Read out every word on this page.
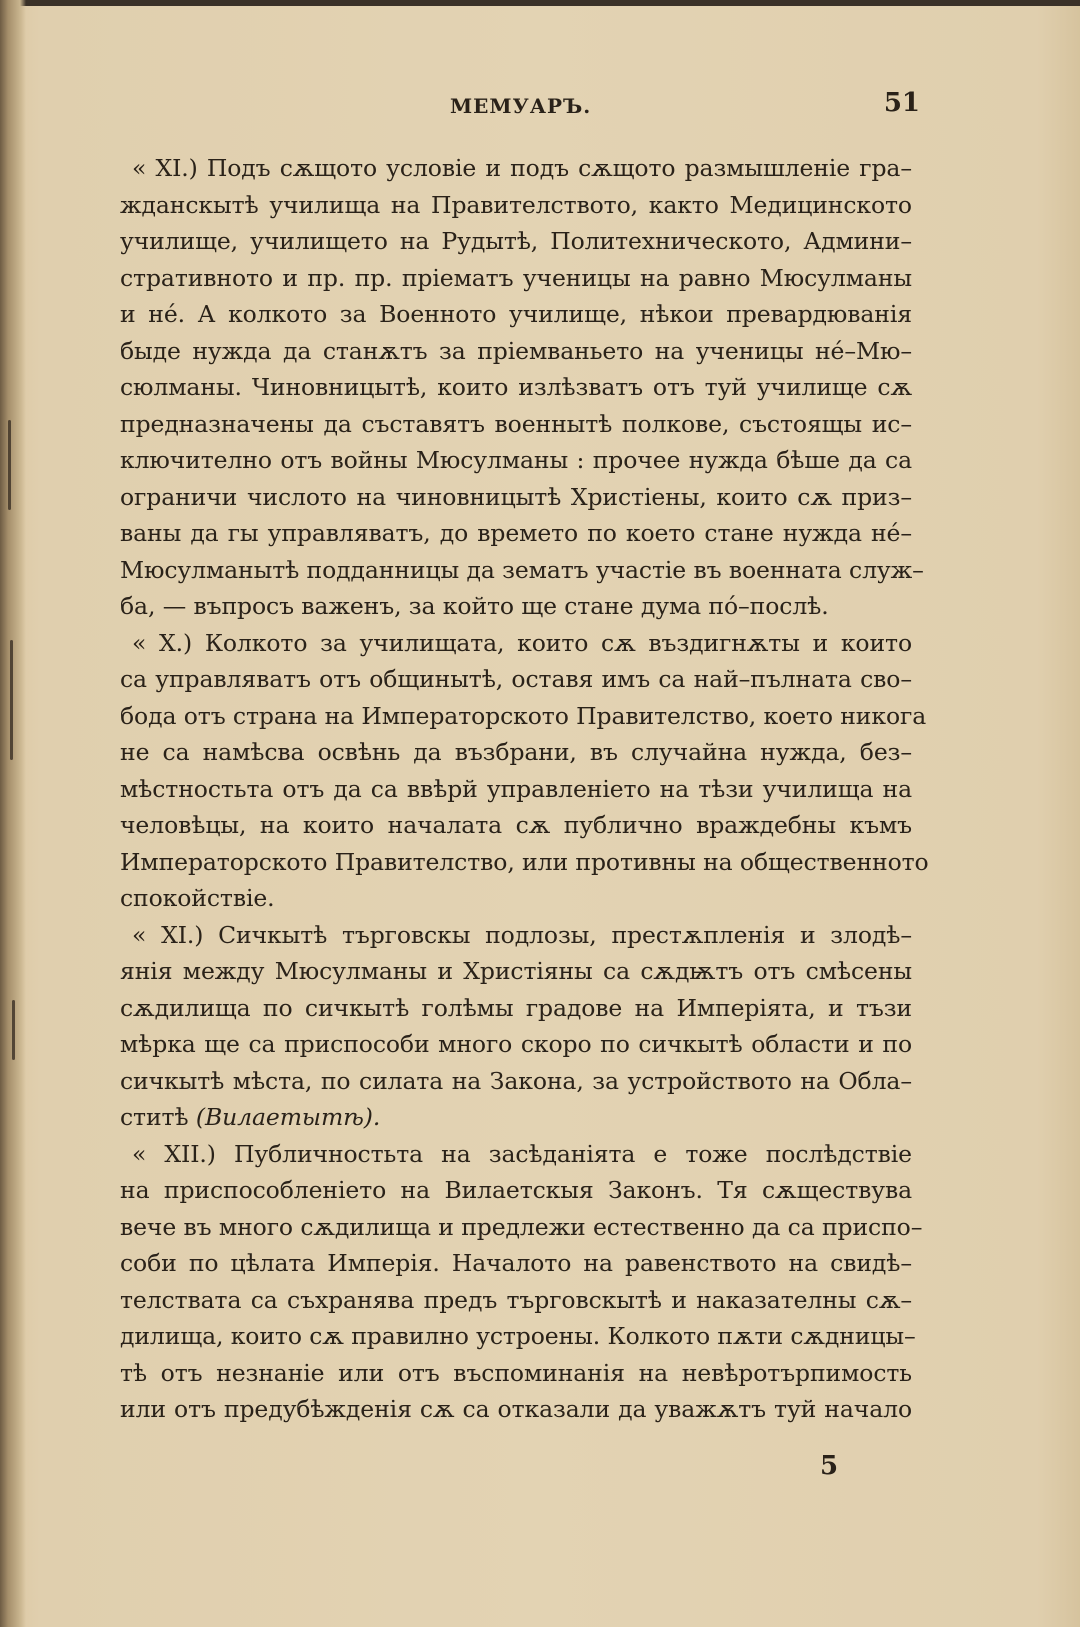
МЕМУАРЪ.	51
« XI.) Подъ сѫщото условіе и подъ сѫщото размышленіе гра–
жданскытѣ училища на Правителството, както Медицинското
училище, училището на Рудытѣ, Политехническото, Админи–
стративното и пр. пр. пріематъ ученицы на равно Мюсулманы
и не́. А колкото за Военното училище, нѣкои превардюванія
быде нужда да станѫтъ за пріемваньето на ученицы не́–Мю–
сюлманы. Чиновницытѣ, които излѣзватъ отъ туй училище сѫ
предназначены да съставятъ военнытѣ полкове, състоящы ис–
ключително отъ войны Мюсулманы : прочее нужда бѣше да са
ограничи числото на чиновницытѣ Христіены, които сѫ приз–
ваны да гы управляватъ, до времето по което стане нужда не́–
Мюсулманытѣ подданницы да зематъ участіе въ военната служ–
ба, — въпросъ важенъ, за който ще стане дума по́–послѣ.
« X.) Колкото за училищата, които сѫ въздигнѫты и които
са управляватъ отъ общинытѣ, оставя имъ са най–пълната сво–
бода отъ страна на Императорското Правителство, което никога
не са намѣсва освѣнь да възбрани, въ случайна нужда, без–
мѣстностьта отъ да са ввѣрй управленіето на тѣзи училища на
человѣцы, на които началата сѫ публично враждебны къмъ
Императорското Правителство, или противны на общественното
спокойствіе.
« XI.) Сичкытѣ търговскы подлозы, престѫпленія и злодѣ–
янія между Мюсулманы и Христіяны са сѫдѭтъ отъ смѣсены
сѫдилища по сичкытѣ голѣмы градове на Имперіята, и тъзи
мѣрка ще са приспособи много скоро по сичкытѣ области и по
сичкытѣ мѣста, по силата на Закона, за устройството на Обла–
ститѣ (Вилаетытѣ).
« XII.) Публичностьта на засѣданіята е тоже послѣдствіе
на приспособленіето на Вилаетскыя Законъ. Тя сѫществува
вече въ много сѫдилища и предлежи естественно да са приспо–
соби по цѣлата Имперія. Началото на равенството на свидѣ–
телствата са съхранява предъ търговскытѣ и наказателны сѫ–
дилища, които сѫ правилно устроены. Колкото пѫти сѫдницы–
тѣ отъ незнаніе или отъ въспоминанія на невѣротърпимость
или отъ предубѣжденія сѫ са отказали да уважѫтъ туй начало
5
